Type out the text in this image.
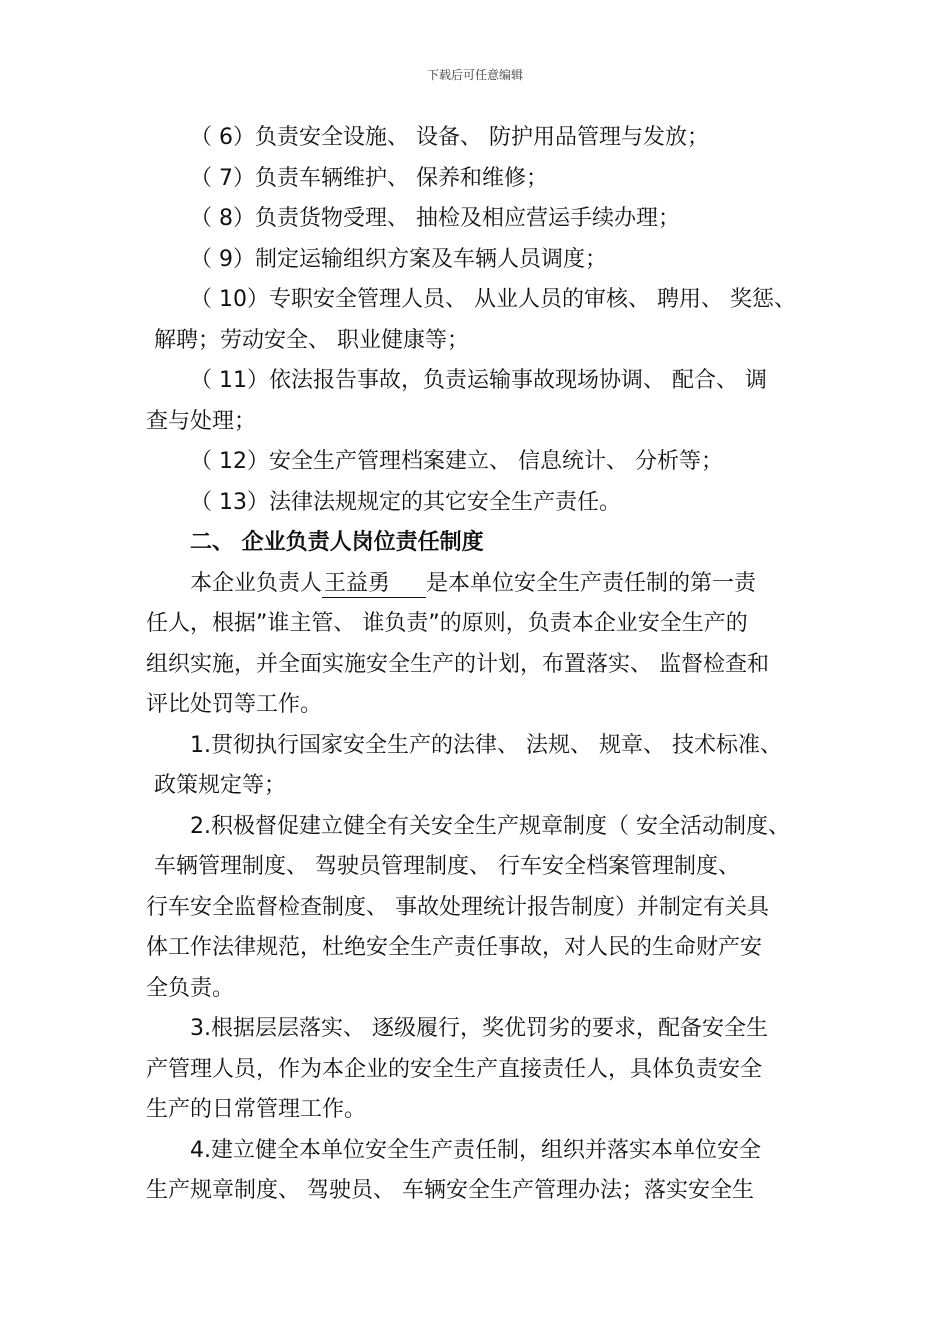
下载后可任意编辑
（ 6）负责安全设施、 设备、 防护用品管理与发放；
（ 7）负责车辆维护、 保养和维修；
（ 8）负责货物受理、 抽检及相应营运手续办理；
（ 9）制定运输组织方案及车辆人员调度；
（ 10）专职安全管理人员、 从业人员的审核、 聘用、 奖惩、
解聘；劳动安全、 职业健康等；
（ 11）依法报告事故，负责运输事故现场协调、 配合、 调
查与处理；
（ 12）安全生产管理档案建立、 信息统计、 分析等；
（ 13）法律法规规定的其它安全生产责任。
二、 企业负责人岗位责任制度
本企业负责人王益勇 是本单位安全生产责任制的第一责
任人，根据”谁主管、 谁负责”的原则，负责本企业安全生产的
组织实施，并全面实施安全生产的计划，布置落实、 监督检查和
评比处罚等工作。
1.贯彻执行国家安全生产的法律、 法规、 规章、 技术标准、
政策规定等；
2.积极督促建立健全有关安全生产规章制度（ 安全活动制度、
车辆管理制度、 驾驶员管理制度、 行车安全档案管理制度、
行车安全监督检查制度、 事故处理统计报告制度）并制定有关具
体工作法律规范，杜绝安全生产责任事故，对人民的生命财产安
全负责。
3.根据层层落实、 逐级履行，奖优罚劣的要求，配备安全生
产管理人员，作为本企业的安全生产直接责任人，具体负责安全
生产的日常管理工作。
4.建立健全本单位安全生产责任制，组织并落实本单位安全
生产规章制度、 驾驶员、 车辆安全生产管理办法；落实安全生
